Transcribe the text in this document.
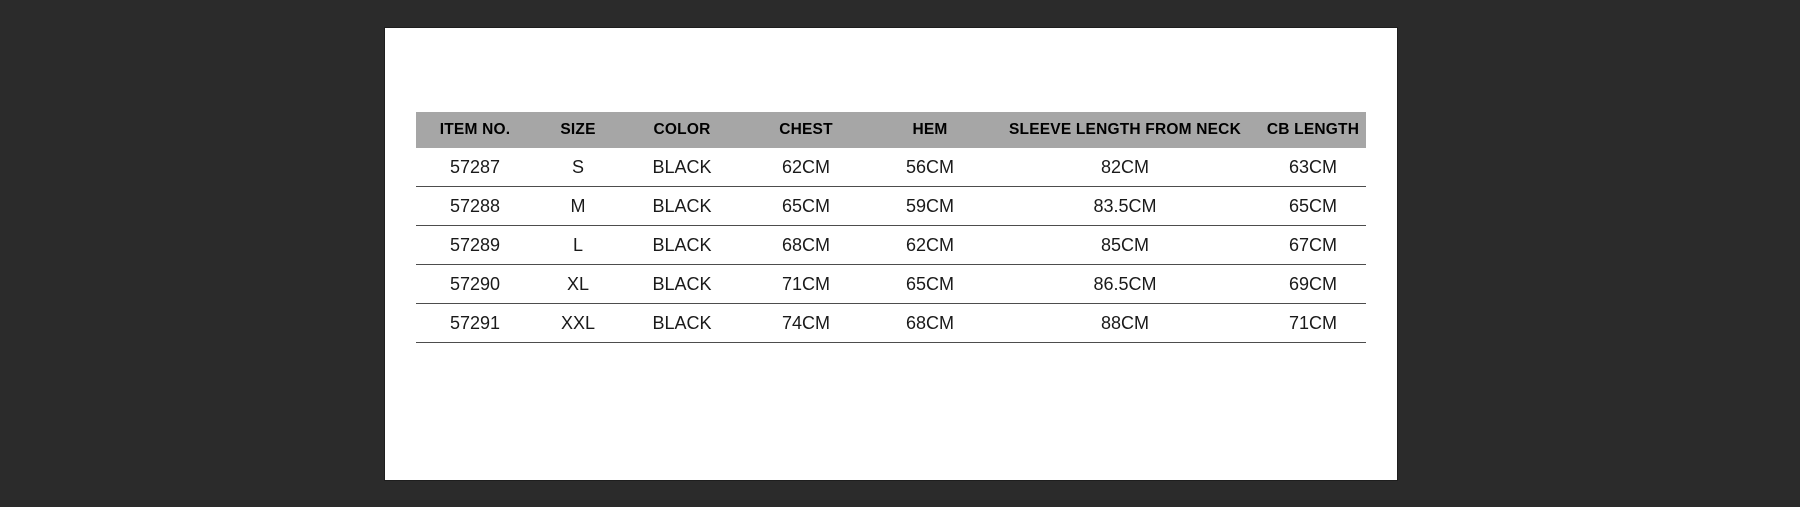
ITEM NO.	SIZE	COLOR	CHEST	HEM	SLEEVE LENGTH FROM NECK	CB LENGTH
57287	S	BLACK	62CM	56CM	82CM	63CM
57288	M	BLACK	65CM	59CM	83.5CM	65CM
57289	L	BLACK	68CM	62CM	85CM	67CM
57290	XL	BLACK	71CM	65CM	86.5CM	69CM
57291	XXL	BLACK	74CM	68CM	88CM	71CM
